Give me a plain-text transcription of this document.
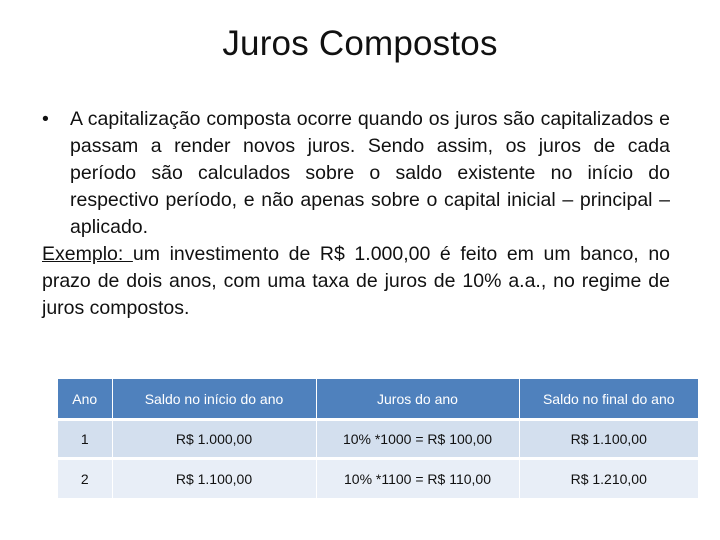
Juros Compostos

• A capitalização composta ocorre quando os juros são capitalizados e passam a render novos juros. Sendo assim, os juros de cada período são calculados sobre o saldo existente no início do respectivo período, e não apenas sobre o capital inicial – principal – aplicado.

Exemplo: um investimento de R$ 1.000,00 é feito em um banco, no prazo de dois anos, com uma taxa de juros de 10% a.a., no regime de juros compostos.

Ano	Saldo no início do ano	Juros do ano	Saldo no final do ano
1	R$ 1.000,00	10% *1000 = R$ 100,00	R$ 1.100,00
2	R$ 1.100,00	10% *1100 = R$ 110,00	R$ 1.210,00
